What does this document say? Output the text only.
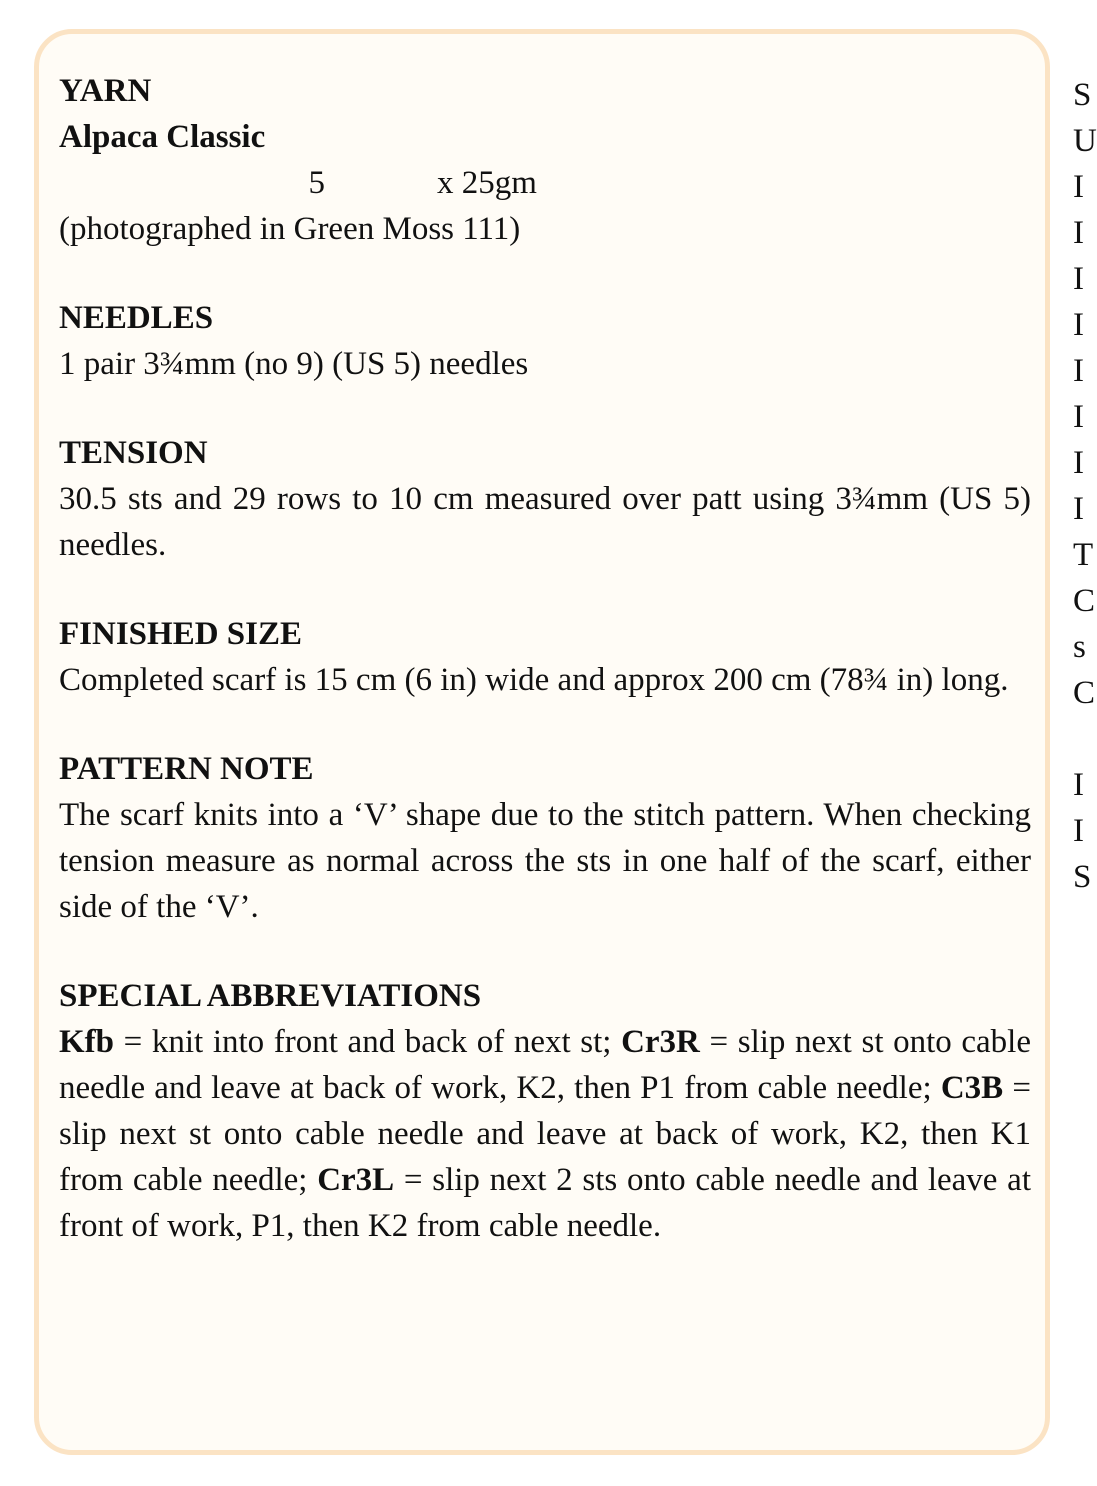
YARN
Alpaca Classic
5	x 25gm
(photographed in Green Moss 111)
NEEDLES
1 pair 3¾mm (no 9) (US 5) needles
TENSION
30.5 sts and 29 rows to 10 cm measured over patt using 3¾mm (US 5) needles.
FINISHED SIZE
Completed scarf is 15 cm (6 in) wide and approx 200 cm (78¾ in) long.
PATTERN NOTE
The scarf knits into a ‘V’ shape due to the stitch pattern. When checking tension measure as normal across the sts in one half of the scarf, either side of the ‘V’.
SPECIAL ABBREVIATIONS
Kfb = knit into front and back of next st; Cr3R = slip next st onto cable needle and leave at back of work, K2, then P1 from cable needle; C3B = slip next st onto cable needle and leave at back of work, K2, then K1 from cable needle; Cr3L = slip next 2 sts onto cable needle and leave at front of work, P1, then K2 from cable needle.
S
U
I
I
I
I
I
I
I
I
T
C
s
C
I
I
S
